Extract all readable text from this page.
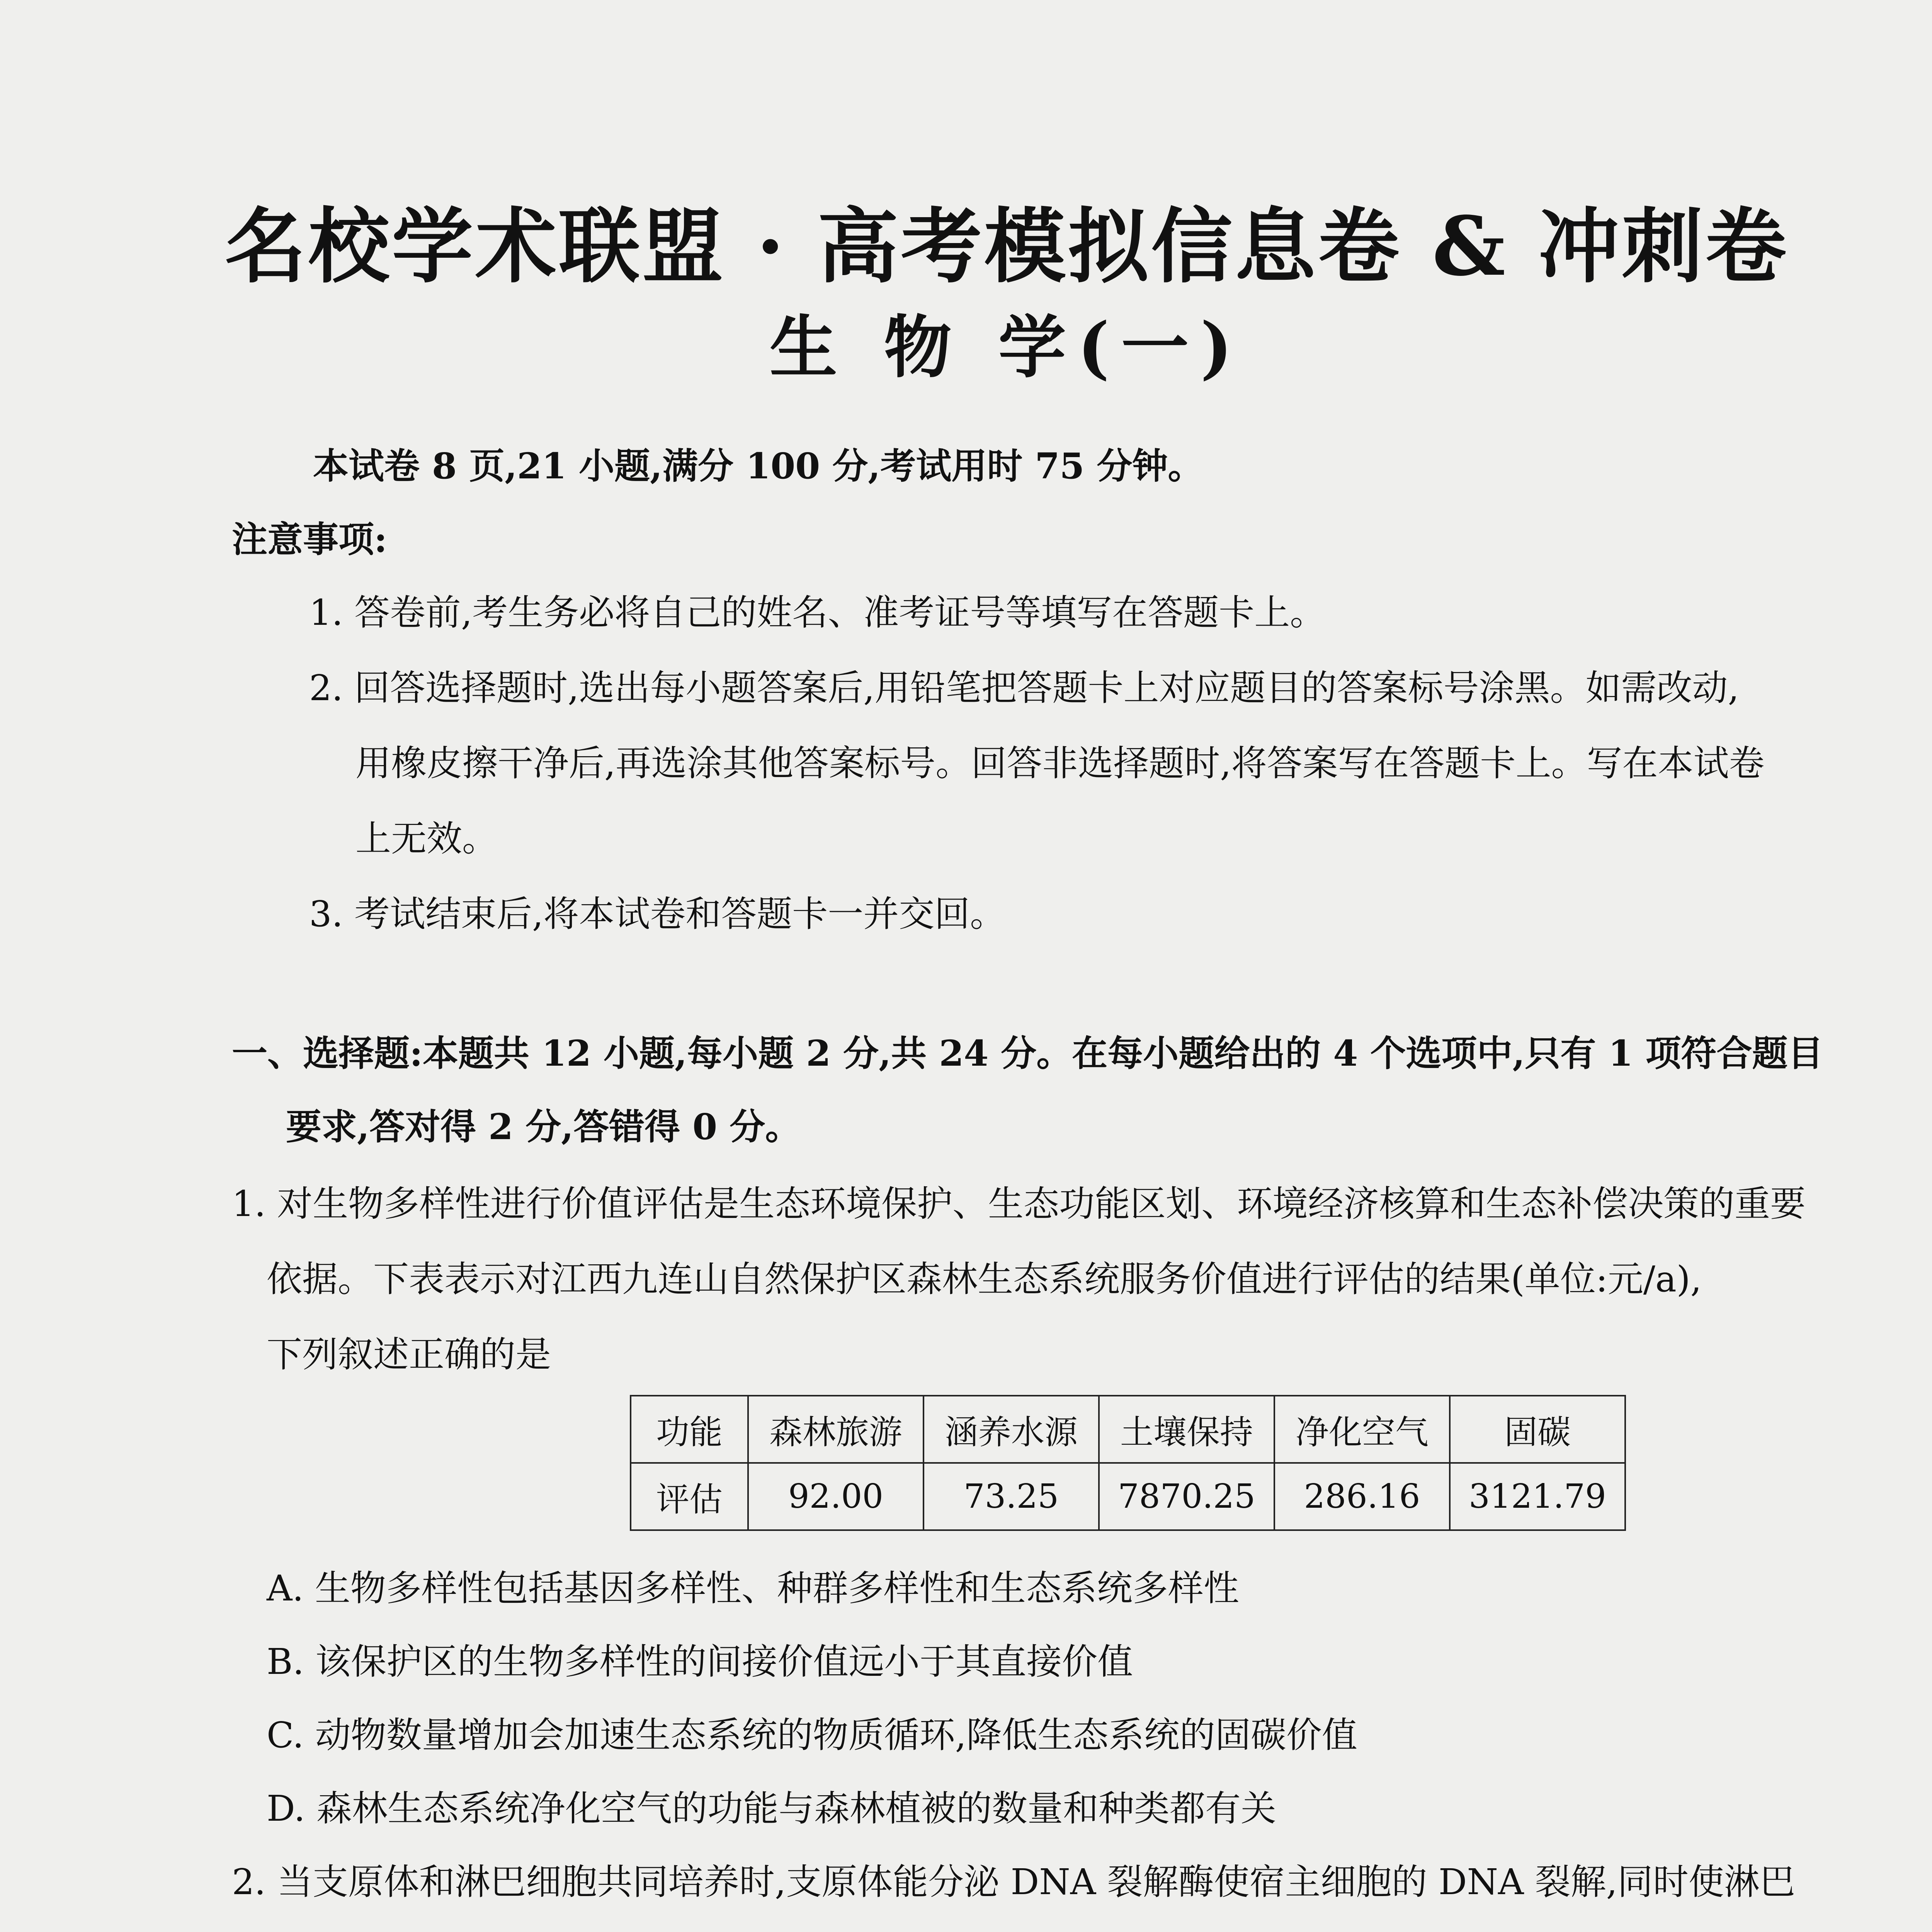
名校学术联盟 · 高考模拟信息卷 & 冲刺卷
生 物 学(一)
本试卷 8 页,21 小题,满分 100 分,考试用时 75 分钟。
注意事项:
1. 答卷前,考生务必将自己的姓名、准考证号等填写在答题卡上。
2. 回答选择题时,选出每小题答案后,用铅笔把答题卡上对应题目的答案标号涂黑。如需改动,
用橡皮擦干净后,再选涂其他答案标号。回答非选择题时,将答案写在答题卡上。写在本试卷
上无效。
3. 考试结束后,将本试卷和答题卡一并交回。
一、选择题:本题共 12 小题,每小题 2 分,共 24 分。在每小题给出的 4 个选项中,只有 1 项符合题目
要求,答对得 2 分,答错得 0 分。
1. 对生物多样性进行价值评估是生态环境保护、生态功能区划、环境经济核算和生态补偿决策的重要
依据。下表表示对江西九连山自然保护区森林生态系统服务价值进行评估的结果(单位:元/a),
下列叙述正确的是
功能	森林旅游	涵养水源	土壤保持	净化空气	固碳
评估	92.00	73.25	7870.25	286.16	3121.79
A. 生物多样性包括基因多样性、种群多样性和生态系统多样性
B. 该保护区的生物多样性的间接价值远小于其直接价值
C. 动物数量增加会加速生态系统的物质循环,降低生态系统的固碳价值
D. 森林生态系统净化空气的功能与森林植被的数量和种类都有关
2. 当支原体和淋巴细胞共同培养时,支原体能分泌 DNA 裂解酶使宿主细胞的 DNA 裂解,同时使淋巴
